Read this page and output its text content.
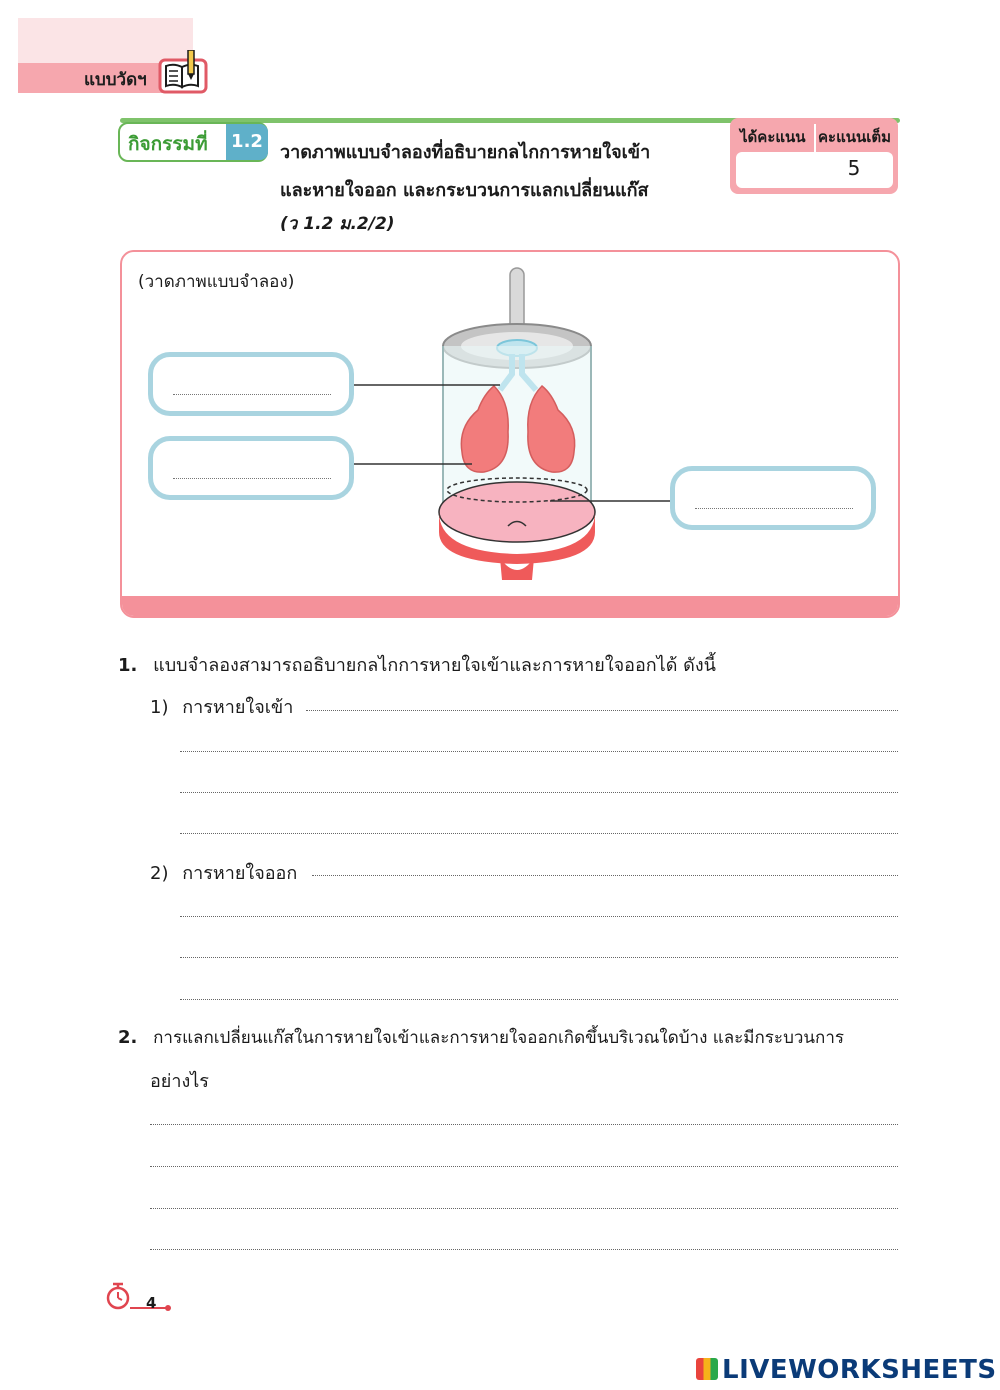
แบบวัดฯ
กิจกรรมที่ 1.2
วาดภาพแบบจำลองที่อธิบายกลไกการหายใจเข้า
และหายใจออก และกระบวนการแลกเปลี่ยนแก๊ส
(ว 1.2 ม.2/2)
ได้คะแนน คะแนนเต็ม
5
(วาดภาพแบบจำลอง)
1. แบบจำลองสามารถอธิบายกลไกการหายใจเข้าและการหายใจออกได้ ดังนี้
1) การหายใจเข้า
2) การหายใจออก
2. การแลกเปลี่ยนแก๊สในการหายใจเข้าและการหายใจออกเกิดขึ้นบริเวณใดบ้าง และมีกระบวนการ
อย่างไร
4
LIVEWORKSHEETS
